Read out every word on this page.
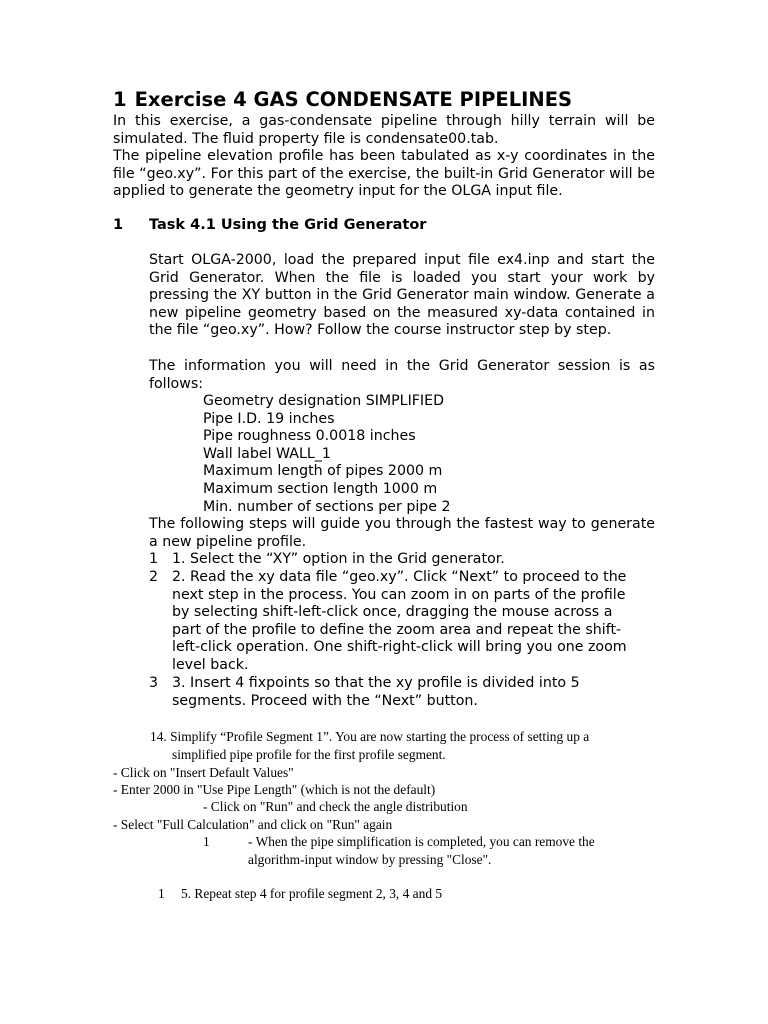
1 Exercise 4 GAS CONDENSATE PIPELINES
In this exercise, a gas-condensate pipeline through hilly terrain will be simulated. The fluid property file is condensate00.tab.
The pipeline elevation profile has been tabulated as x-y coordinates in the file “geo.xy”. For this part of the exercise, the built-in Grid Generator will be applied to generate the geometry input for the OLGA input file.
1 Task 4.1 Using the Grid Generator
Start OLGA-2000, load the prepared input file ex4.inp and start the Grid Generator. When the file is loaded you start your work by pressing the XY button in the Grid Generator main window. Generate a new pipeline geometry based on the measured xy-data contained in the file “geo.xy”. How? Follow the course instructor step by step.
The information you will need in the Grid Generator session is as follows:
Geometry designation SIMPLIFIED
Pipe I.D. 19 inches
Pipe roughness 0.0018 inches
Wall label WALL_1
Maximum length of pipes 2000 m
Maximum section length 1000 m
Min. number of sections per pipe 2
The following steps will guide you through the fastest way to generate a new pipeline profile.
1 1. Select the “XY” option in the Grid generator.
2 2. Read the xy data file “geo.xy”. Click “Next” to proceed to the next step in the process. You can zoom in on parts of the profile by selecting shift-left-click once, dragging the mouse across a part of the profile to define the zoom area and repeat the shift-left-click operation. One shift-right-click will bring you one zoom level back.
3 3. Insert 4 fixpoints so that the xy profile is divided into 5 segments. Proceed with the “Next” button.
14. Simplify “Profile Segment 1”. You are now starting the process of setting up a
simplified pipe profile for the first profile segment.
- Click on "Insert Default Values"
- Enter 2000 in "Use Pipe Length" (which is not the default)
- Click on "Run" and check the angle distribution
- Select "Full Calculation" and click on "Run" again
1	- When the pipe simplification is completed, you can remove the
algorithm-input window by pressing "Close".
1 5. Repeat step 4 for profile segment 2, 3, 4 and 5
